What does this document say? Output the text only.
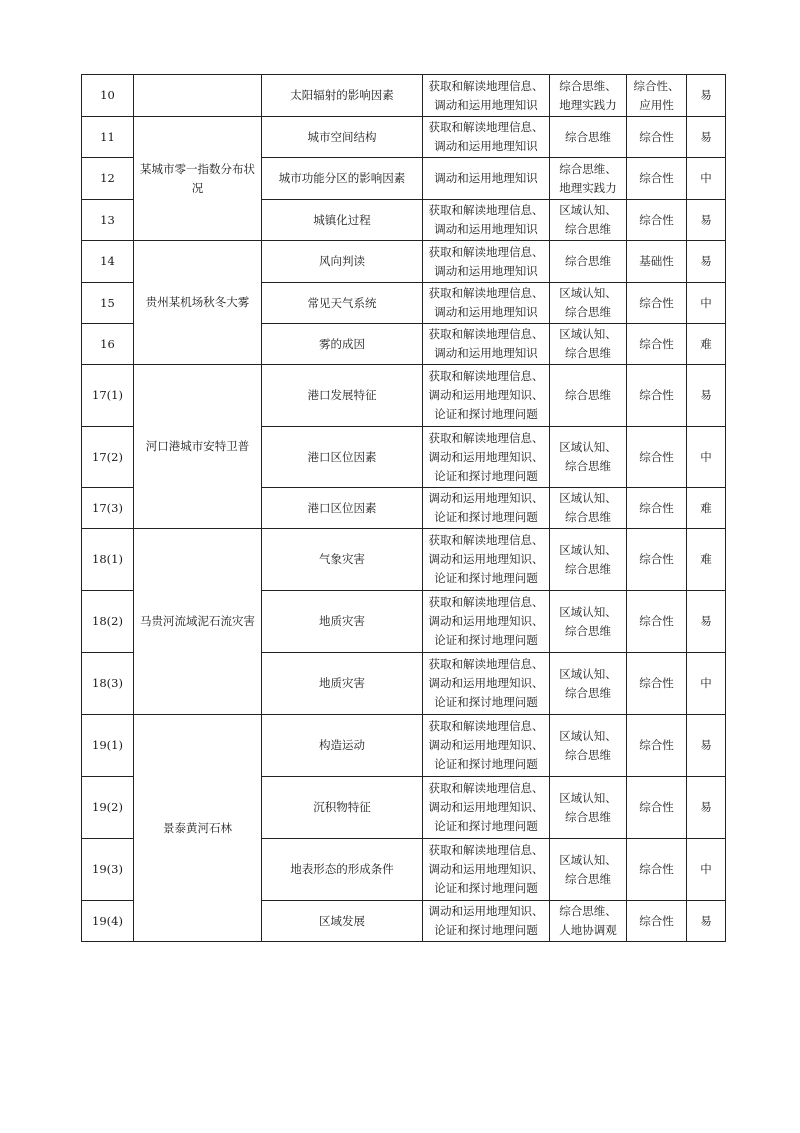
10		太阳辐射的影响因素	获取和解读地理信息、
调动和运用地理知识	综合思维、
地理实践力	综合性、
应用性	易
11	某城市零一指数分布状况	城市空间结构	获取和解读地理信息、
调动和运用地理知识	综合思维	综合性	易
12		城市功能分区的影响因素	调动和运用地理知识	综合思维、
地理实践力	综合性	中
13		城镇化过程	获取和解读地理信息、
调动和运用地理知识	区域认知、
综合思维	综合性	易
14	贵州某机场秋冬大雾	风向判读	获取和解读地理信息、
调动和运用地理知识	综合思维	基础性	易
15		常见天气系统	获取和解读地理信息、
调动和运用地理知识	区域认知、
综合思维	综合性	中
16		雾的成因	获取和解读地理信息、
调动和运用地理知识	区域认知、
综合思维	综合性	难
17(1)	河口港城市安特卫普	港口发展特征	获取和解读地理信息、
调动和运用地理知识、
论证和探讨地理问题	综合思维	综合性	易
17(2)		港口区位因素	获取和解读地理信息、
调动和运用地理知识、
论证和探讨地理问题	区域认知、
综合思维	综合性	中
17(3)		港口区位因素	调动和运用地理知识、
论证和探讨地理问题	区域认知、
综合思维	综合性	难
18(1)	马贵河流域泥石流灾害	气象灾害	获取和解读地理信息、
调动和运用地理知识、
论证和探讨地理问题	区域认知、
综合思维	综合性	难
18(2)		地质灾害	获取和解读地理信息、
调动和运用地理知识、
论证和探讨地理问题	区域认知、
综合思维	综合性	易
18(3)		地质灾害	获取和解读地理信息、
调动和运用地理知识、
论证和探讨地理问题	区域认知、
综合思维	综合性	中
19(1)	景泰黄河石林	构造运动	获取和解读地理信息、
调动和运用地理知识、
论证和探讨地理问题	区域认知、
综合思维	综合性	易
19(2)		沉积物特征	获取和解读地理信息、
调动和运用地理知识、
论证和探讨地理问题	区域认知、
综合思维	综合性	易
19(3)		地表形态的形成条件	获取和解读地理信息、
调动和运用地理知识、
论证和探讨地理问题	区域认知、
综合思维	综合性	中
19(4)		区域发展	调动和运用地理知识、
论证和探讨地理问题	综合思维、
人地协调观	综合性	易
